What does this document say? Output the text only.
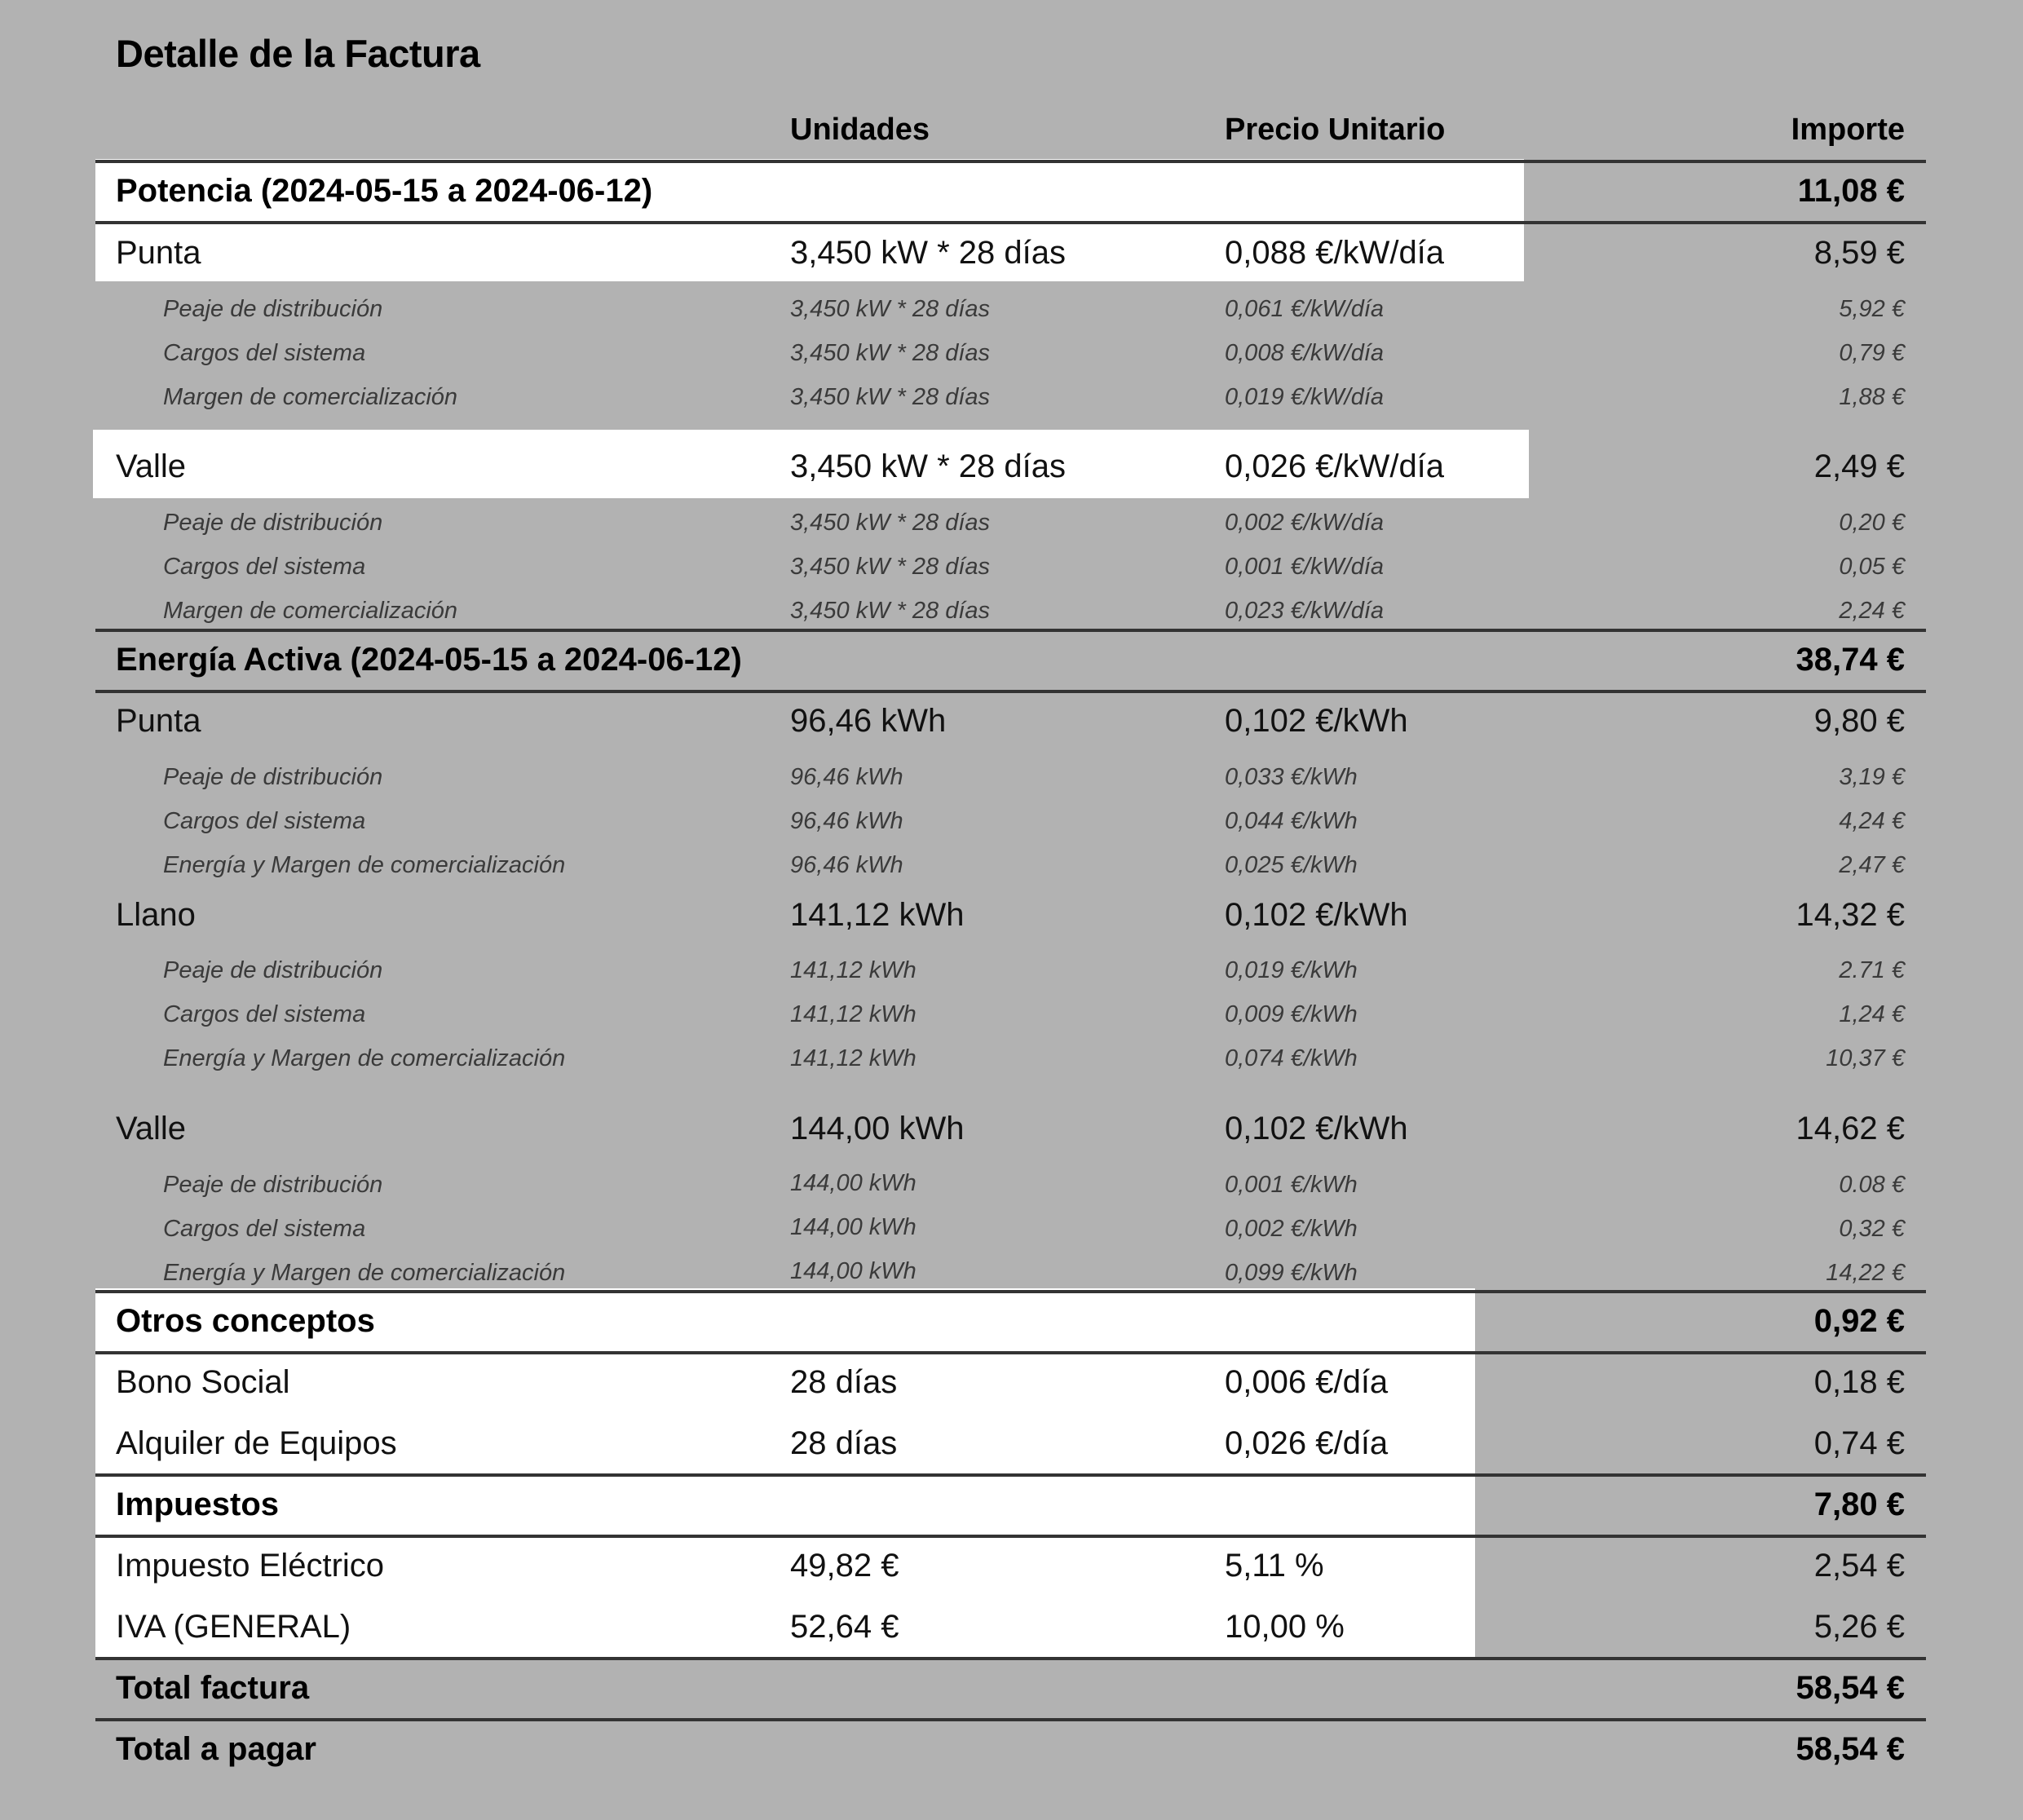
Detalle de la Factura
Unidades	Precio Unitario	Importe
Potencia (2024-05-15 a 2024-06-12)	11,08 €
Punta	3,450 kW * 28 días	0,088 €/kW/día	8,59 €
Peaje de distribución	3,450 kW * 28 días	0,061 €/kW/día	5,92 €
Cargos del sistema	3,450 kW * 28 días	0,008 €/kW/día	0,79 €
Margen de comercialización	3,450 kW * 28 días	0,019 €/kW/día	1,88 €
Valle	3,450 kW * 28 días	0,026 €/kW/día	2,49 €
Peaje de distribución	3,450 kW * 28 días	0,002 €/kW/día	0,20 €
Cargos del sistema	3,450 kW * 28 días	0,001 €/kW/día	0,05 €
Margen de comercialización	3,450 kW * 28 días	0,023 €/kW/día	2,24 €
Energía Activa (2024-05-15 a 2024-06-12)	38,74 €
Punta	96,46 kWh	0,102 €/kWh	9,80 €
Peaje de distribución	96,46 kWh	0,033 €/kWh	3,19 €
Cargos del sistema	96,46 kWh	0,044 €/kWh	4,24 €
Energía y Margen de comercialización	96,46 kWh	0,025 €/kWh	2,47 €
Llano	141,12 kWh	0,102 €/kWh	14,32 €
Peaje de distribución	141,12 kWh	0,019 €/kWh	2.71 €
Cargos del sistema	141,12 kWh	0,009 €/kWh	1,24 €
Energía y Margen de comercialización	141,12 kWh	0,074 €/kWh	10,37 €
Valle	144,00 kWh	0,102 €/kWh	14,62 €
Peaje de distribución	144,00 kWh	0,001 €/kWh	0.08 €
Cargos del sistema	144,00 kWh	0,002 €/kWh	0,32 €
Energía y Margen de comercialización	144,00 kWh	0,099 €/kWh	14,22 €
Otros conceptos	0,92 €
Bono Social	28 días	0,006 €/día	0,18 €
Alquiler de Equipos	28 días	0,026 €/día	0,74 €
Impuestos	7,80 €
Impuesto Eléctrico	49,82 €	5,11 %	2,54 €
IVA (GENERAL)	52,64 €	10,00 %	5,26 €
Total factura	58,54 €
Total a pagar	58,54 €
